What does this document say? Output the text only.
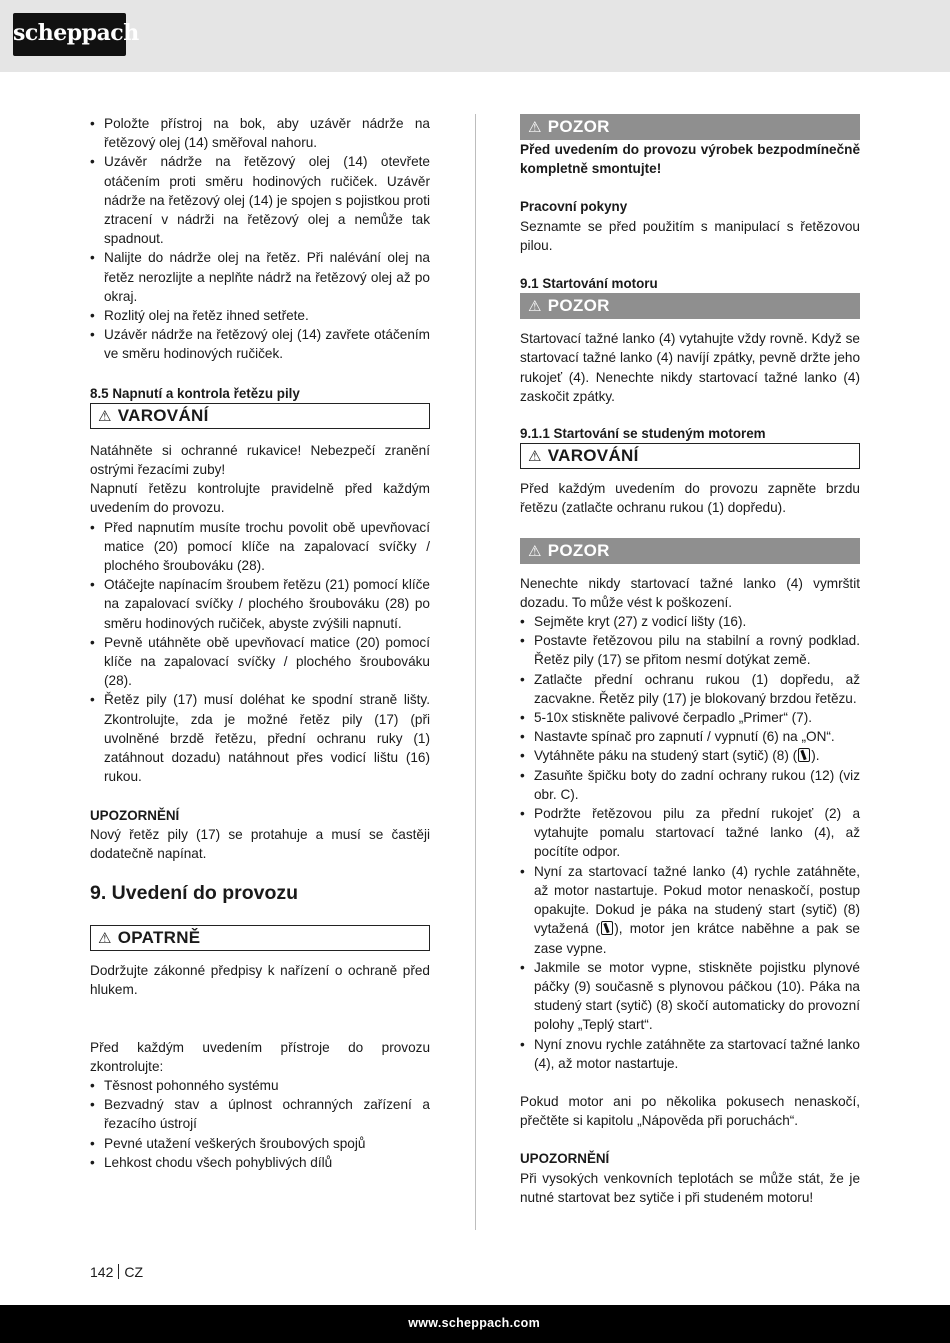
scheppach
• Položte přístroj na bok, aby uzávěr nádrže na řetězový olej (14) směřoval nahoru.
• Uzávěr nádrže na řetězový olej (14) otevřete otáčením proti směru hodinových ručiček. Uzávěr nádrže na řetězový olej (14) je spojen s pojistkou proti ztracení v nádrži na řetězový olej a nemůže tak spadnout.
• Nalijte do nádrže olej na řetěz. Při nalévání olej na řetěz nerozlijte a neplňte nádrž na řetězový olej až po okraj.
• Rozlitý olej na řetěz ihned setřete.
• Uzávěr nádrže na řetězový olej (14) zavřete otáčením ve směru hodinových ručiček.
8.5 Napnutí a kontrola řetězu pily
⚠ VAROVÁNÍ

Natáhněte si ochranné rukavice! Nebezpečí zranění ostrými řezacími zuby!

Napnutí řetězu kontrolujte pravidelně před každým uvedením do provozu.

• Před napnutím musíte trochu povolit obě upevňovací matice (20) pomocí klíče na zapalovací svíčky / plochého šroubováku (28).
• Otáčejte napínacím šroubem řetězu (21) pomocí klíče na zapalovací svíčky / plochého šroubováku (28) po směru hodinových ručiček, abyste zvýšili napnutí.
• Pevně utáhněte obě upevňovací matice (20) pomocí klíče na zapalovací svíčky / plochého šroubováku (28).
• Řetěz pily (17) musí doléhat ke spodní straně lišty. Zkontrolujte, zda je možné řetěz pily (17) (při uvolněné brzdě řetězu, přední ochranu ruky (1) zatáhnout dozadu) natáhnout přes vodicí lištu (16) rukou.
UPOZORNĚNÍ

Nový řetěz pily (17) se protahuje a musí se častěji dodatečně napínat.

9. Uvedení do provozu
⚠ OPATRNĚ

Dodržujte zákonné předpisy k nařízení o ochraně před hlukem.

Před každým uvedením přístroje do provozu zkontrolujte:

• Těsnost pohonného systému
• Bezvadný stav a úplnost ochranných zařízení a řezacího ústrojí
• Pevné utažení veškerých šroubových spojů
• Lehkost chodu všech pohyblivých dílů
⚠ POZOR

Před uvedením do provozu výrobek bezpodmínečně kompletně smontujte!

Pracovní pokyny

Seznamte se před použitím s manipulací s řetězovou pilou.

9.1 Startování motoru
⚠ POZOR

Startovací tažné lanko (4) vytahujte vždy rovně. Když se startovací tažné lanko (4) navíjí zpátky, pevně držte jeho rukojeť (4). Nenechte nikdy startovací tažné lanko (4) zaskočit zpátky.

9.1.1 Startování se studeným motorem
⚠ VAROVÁNÍ

Před každým uvedením do provozu zapněte brzdu řetězu (zatlačte ochranu rukou (1) dopředu).

⚠ POZOR

Nenechte nikdy startovací tažné lanko (4) vymrštit dozadu. To může vést k poškození.

• Sejměte kryt (27) z vodicí lišty (16).
• Postavte řetězovou pilu na stabilní a rovný podklad. Řetěz pily (17) se přitom nesmí dotýkat země.
• Zatlačte přední ochranu rukou (1) dopředu, až zacvakne. Řetěz pily (17) je blokovaný brzdou řetězu.
• 5-10x stiskněte palivové čerpadlo „Primer“ (7).
• Nastavte spínač pro zapnutí / vypnutí (6) na „ON“.
• Vytáhněte páku na studený start (sytič) (8) ( ).
• Zasuňte špičku boty do zadní ochrany rukou (12) (viz obr. C).
• Podržte řetězovou pilu za přední rukojeť (2) a vytahujte pomalu startovací tažné lanko (4), až pocítíte odpor.
• Nyní za startovací tažné lanko (4) rychle zatáhněte, až motor nastartuje. Pokud motor nenaskočí, postup opakujte. Dokud je páka na studený start (sytič) (8) vytažená ( ), motor jen krátce naběhne a pak se zase vypne.
• Jakmile se motor vypne, stiskněte pojistku plynové páčky (9) současně s plynovou páčkou (10). Páka na studený start (sytič) (8) skočí automaticky do provozní polohy „Teplý start“.
• Nyní znovu rychle zatáhněte za startovací tažné lanko (4), až motor nastartuje.

Pokud motor ani po několika pokusech nenaskočí, přečtěte si kapitolu „Nápověda při poruchách“.

UPOZORNĚNÍ

Při vysokých venkovních teplotách se může stát, že je nutné startovat bez sytiče i při studeném motoru!

142 CZ
www.scheppach.com
